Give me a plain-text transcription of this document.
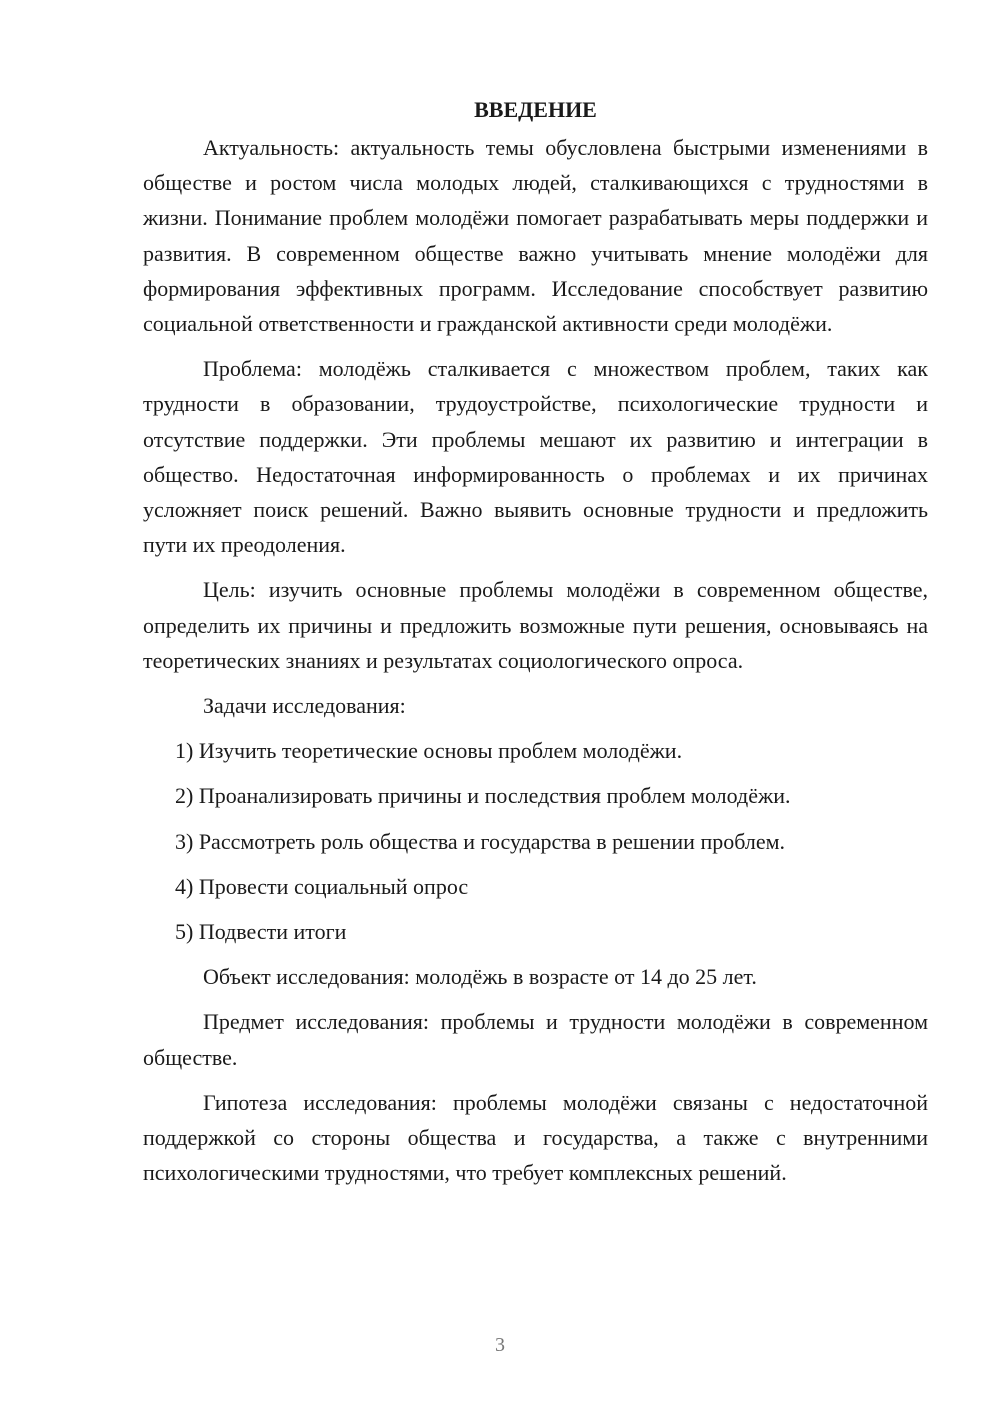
ВВЕДЕНИЕ

Актуальность: актуальность темы обусловлена быстрыми изменениями в обществе и ростом числа молодых людей, сталкивающихся с трудностями в жизни. Понимание проблем молодёжи помогает разрабатывать меры поддержки и развития. В современном обществе важно учитывать мнение молодёжи для формирования эффективных программ. Исследование способствует развитию социальной ответственности и гражданской активности среди молодёжи.

Проблема: молодёжь сталкивается с множеством проблем, таких как трудности в образовании, трудоустройстве, психологические трудности и отсутствие поддержки. Эти проблемы мешают их развитию и интеграции в общество. Недостаточная информированность о проблемах и их причинах усложняет поиск решений. Важно выявить основные трудности и предложить пути их преодоления.

Цель: изучить основные проблемы молодёжи в современном обществе, определить их причины и предложить возможные пути решения, основываясь на теоретических знаниях и результатах социологического опроса.

Задачи исследования:

1) Изучить теоретические основы проблем молодёжи.
2) Проанализировать причины и последствия проблем молодёжи.
3) Рассмотреть роль общества и государства в решении проблем.
4) Провести социальный опрос
5) Подвести итоги

Объект исследования: молодёжь в возрасте от 14 до 25 лет.

Предмет исследования: проблемы и трудности молодёжи в современном обществе.

Гипотеза исследования: проблемы молодёжи связаны с недостаточной поддержкой со стороны общества и государства, а также с внутренними психологическими трудностями, что требует комплексных решений.

3
